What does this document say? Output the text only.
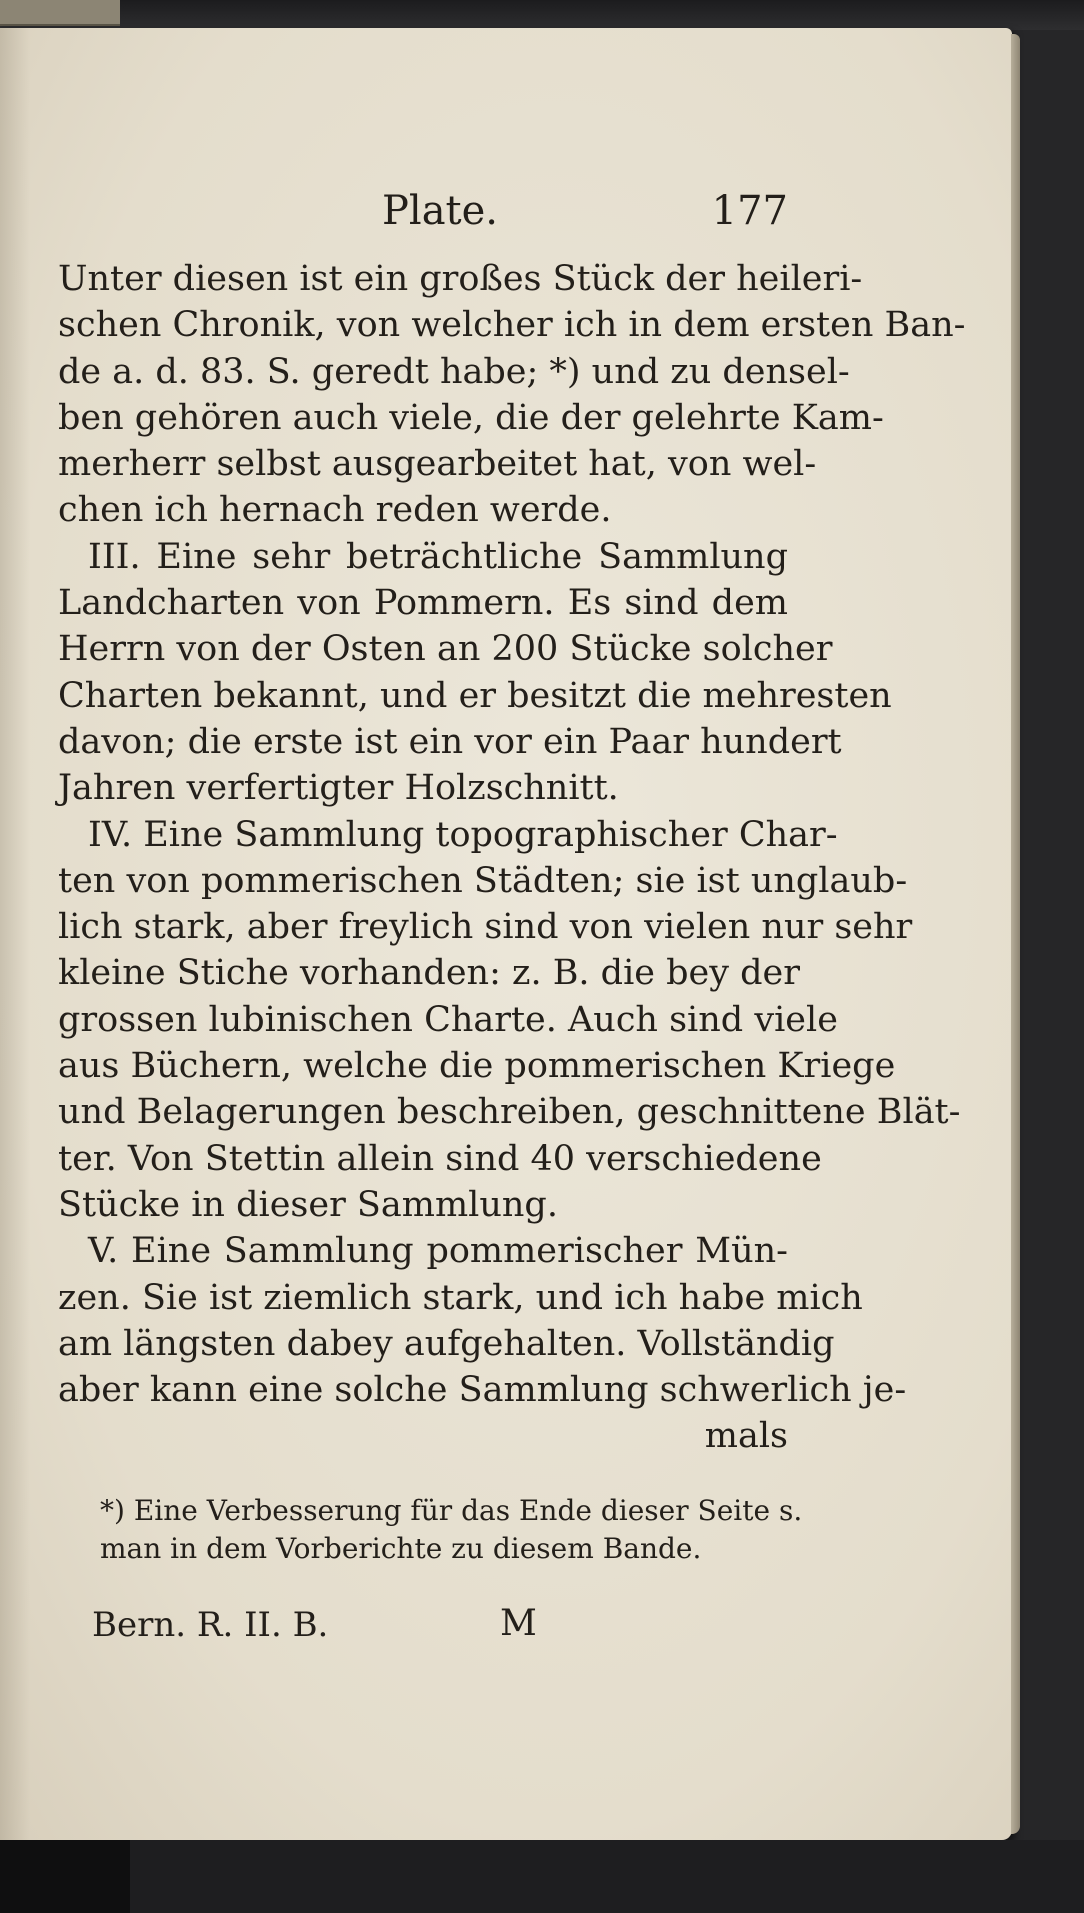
Plate.	177
Unter diesen ist ein großes Stück der heileri-
schen Chronik, von welcher ich in dem ersten Ban-
de a. d. 83. S. geredt habe; *) und zu densel-
ben gehören auch viele, die der gelehrte Kam-
merherr selbst ausgearbeitet hat, von wel-
chen ich hernach reden werde.
III. Eine sehr beträchtliche Sammlung
Landcharten von Pommern. Es sind dem
Herrn von der Osten an 200 Stücke solcher
Charten bekannt, und er besitzt die mehresten
davon; die erste ist ein vor ein Paar hundert
Jahren verfertigter Holzschnitt.
IV. Eine Sammlung topographischer Char-
ten von pommerischen Städten; sie ist unglaub-
lich stark, aber freylich sind von vielen nur sehr
kleine Stiche vorhanden: z. B. die bey der
grossen lubinischen Charte. Auch sind viele
aus Büchern, welche die pommerischen Kriege
und Belagerungen beschreiben, geschnittene Blät-
ter. Von Stettin allein sind 40 verschiedene
Stücke in dieser Sammlung.
V. Eine Sammlung pommerischer Mün-
zen. Sie ist ziemlich stark, und ich habe mich
am längsten dabey aufgehalten. Vollständig
aber kann eine solche Sammlung schwerlich je-
mals
*) Eine Verbesserung für das Ende dieser Seite s.
man in dem Vorberichte zu diesem Bande.
Bern. R. II. B.	M
